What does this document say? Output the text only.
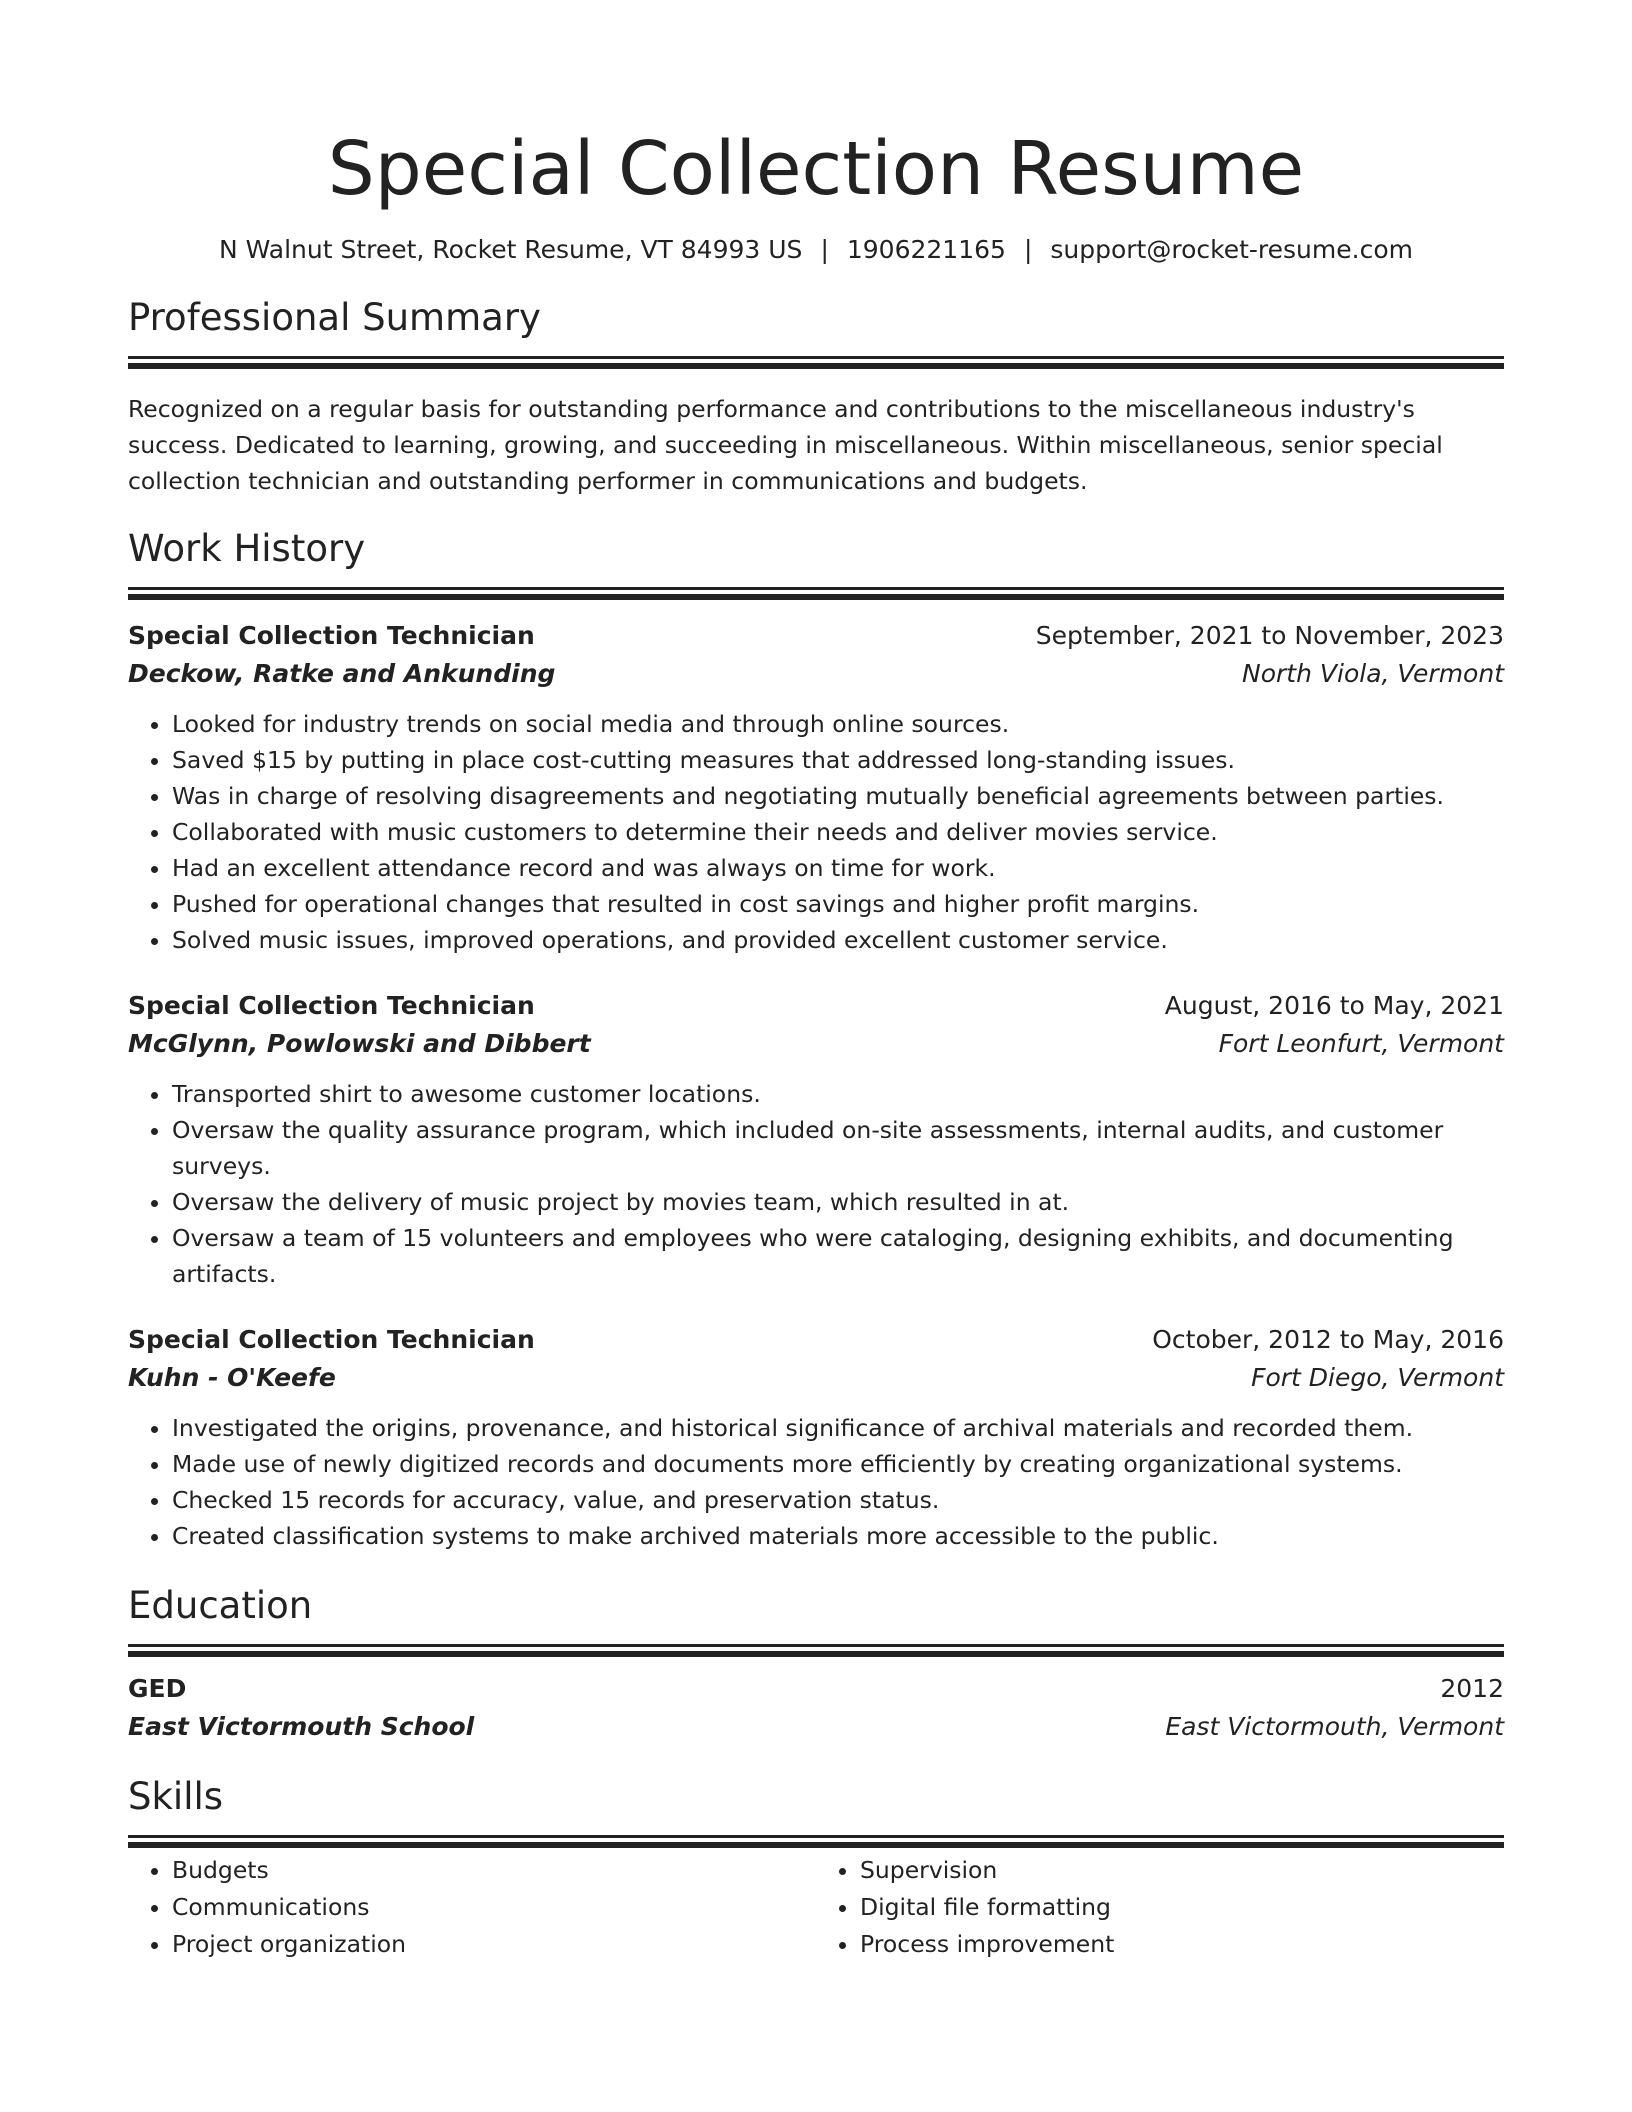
Special Collection Resume
N Walnut Street, Rocket Resume, VT 84993 US | 1906221165 | support@rocket-resume.com
Professional Summary
Recognized on a regular basis for outstanding performance and contributions to the miscellaneous industry's success. Dedicated to learning, growing, and succeeding in miscellaneous. Within miscellaneous, senior special collection technician and outstanding performer in communications and budgets.
Work History
Special Collection Technician	September, 2021 to November, 2023
Deckow, Ratke and Ankunding	North Viola, Vermont
• Looked for industry trends on social media and through online sources.
• Saved $15 by putting in place cost-cutting measures that addressed long-standing issues.
• Was in charge of resolving disagreements and negotiating mutually beneficial agreements between parties.
• Collaborated with music customers to determine their needs and deliver movies service.
• Had an excellent attendance record and was always on time for work.
• Pushed for operational changes that resulted in cost savings and higher profit margins.
• Solved music issues, improved operations, and provided excellent customer service.
Special Collection Technician	August, 2016 to May, 2021
McGlynn, Powlowski and Dibbert	Fort Leonfurt, Vermont
• Transported shirt to awesome customer locations.
• Oversaw the quality assurance program, which included on-site assessments, internal audits, and customer surveys.
• Oversaw the delivery of music project by movies team, which resulted in at.
• Oversaw a team of 15 volunteers and employees who were cataloging, designing exhibits, and documenting artifacts.
Special Collection Technician	October, 2012 to May, 2016
Kuhn - O'Keefe	Fort Diego, Vermont
• Investigated the origins, provenance, and historical significance of archival materials and recorded them.
• Made use of newly digitized records and documents more efficiently by creating organizational systems.
• Checked 15 records for accuracy, value, and preservation status.
• Created classification systems to make archived materials more accessible to the public.
Education
GED	2012
East Victormouth School	East Victormouth, Vermont
Skills
• Budgets
• Communications
• Project organization
• Supervision
• Digital file formatting
• Process improvement
